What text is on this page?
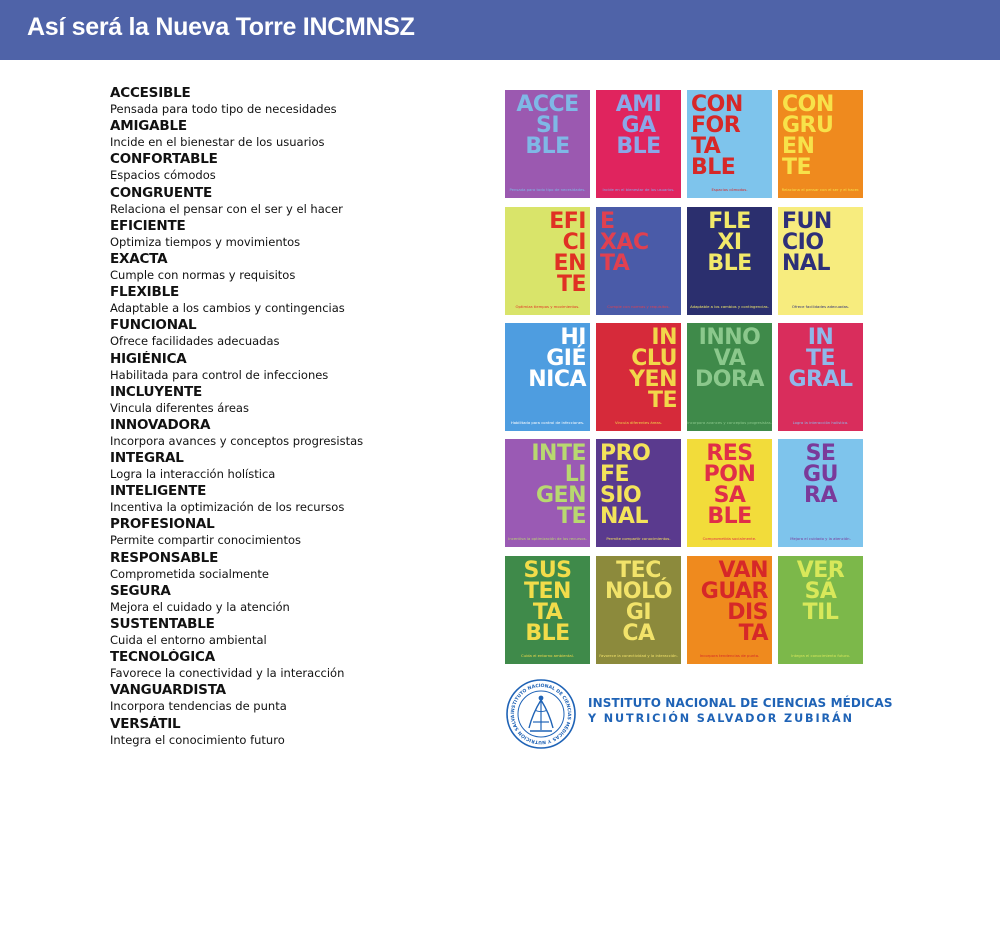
Así será la Nueva Torre INCMNSZ
ACCESIBLE
Pensada para todo tipo de necesidades
AMIGABLE
Incide en el bienestar de los usuarios
CONFORTABLE
Espacios cómodos
CONGRUENTE
Relaciona el pensar con el ser y el hacer
EFICIENTE
Optimiza tiempos y movimientos
EXACTA
Cumple con normas y requisitos
FLEXIBLE
Adaptable a los cambios y contingencias
FUNCIONAL
Ofrece facilidades adecuadas
HIGIÉNICA
Habilitada para control de infecciones
INCLUYENTE
Vincula diferentes áreas
INNOVADORA
Incorpora avances y conceptos progresistas
INTEGRAL
Logra la interacción holística
INTELIGENTE
Incentiva la optimización de los recursos
PROFESIONAL
Permite compartir conocimientos
RESPONSABLE
Comprometida socialmente
SEGURA
Mejora el cuidado y la atención
SUSTENTABLE
Cuida el entorno ambiental
TECNOLÓGICA
Favorece la conectividad y la interacción
VANGUARDISTA
Incorpora tendencias de punta
VERSÁTIL
Integra el conocimiento futuro
ACCE
SI
BLE
Pensada para todo tipo de necesidades.
AMI
GA
BLE
Incide en el bienestar de los usuarios.
CON
FOR
TA
BLE
Espacios cómodos.
CON
GRU
EN
TE
Relaciona el pensar con el ser y el hacer.
EFI
CI
EN
TE
Optimiza tiempos y movimientos.
E
XAC
TA
Cumple con normas y requisitos.
FLE
XI
BLE
Adaptable a los cambios y contingencias.
FUN
CIO
NAL
Ofrece facilidades adecuadas.
HI
GIÉ
NICA
Habilitada para control de infecciones.
IN
CLU
YEN
TE
Vincula diferentes áreas.
INNO
VA
DORA
Incorpora avances y conceptos progresistas.
IN
TE
GRAL
Logra la interacción holística.
INTE
LI
GEN
TE
Incentiva la optimización de los recursos.
PRO
FE
SIO
NAL
Permite compartir conocimientos.
RES
PON
SA
BLE
Comprometida socialmente.
SE
GU
RA
Mejora el cuidado y la atención.
SUS
TEN
TA
BLE
Cuida el entorno ambiental.
TEC
NOLÓ
GI
CA
Favorece la conectividad y la interacción.
VAN
GUAR
DIS
TA
Incorpora tendencias de punta.
VER
SÁ
TIL
Integra el conocimiento futuro.
INSTITUTO NACIONAL DE CIENCIAS MÉDICAS Y NUTRICIÓN SALVA
INSTITUTO NACIONAL DE CIENCIAS MÉDICAS
Y NUTRICIÓN SALVADOR ZUBIRÁN
